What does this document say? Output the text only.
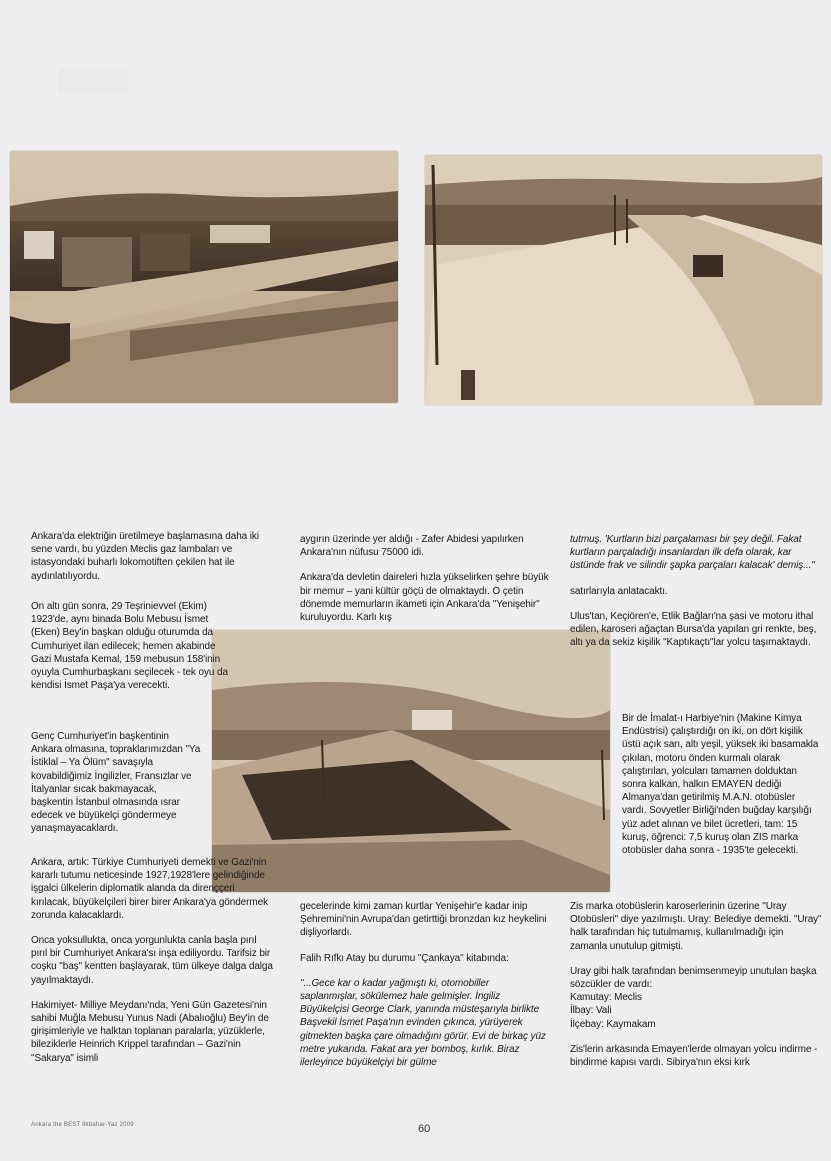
Ankara'da elektriğin üretilmeye başlamasına daha iki sene vardı, bu yüzden Meclis gaz lambaları ve istasyondaki buharlı lokomotiften çekilen hat ile aydınlatılıyordu.

On altı gün sonra, 29 Teşrinievvel (Ekim) 1923'de, aynı binada Bolu Mebusu İsmet (Eken) Bey'in başkan olduğu oturumda da Cumhuriyet ilan edilecek; hemen akabinde Gazi Mustafa Kemal, 159 mebusun 158'inin oyuyla Cumhurbaşkanı seçilecek - tek oyu da kendisi İsmet Paşa'ya verecekti.

Genç Cumhuriyet'in başkentinin Ankara olmasına, topraklarımızdan "Ya İstiklal – Ya Ölüm" savaşıyla kovabildiğimiz İngilizler, Fransızlar ve İtalyanlar sıcak bakmayacak, başkentin İstanbul olmasında ısrar edecek ve büyükelçi göndermeye yanaşmayacaklardı.

Ankara, artık: Türkiye Cumhuriyeti demekti ve Gazi'nin kararlı tutumu neticesinde 1927,1928'lere gelindiğinde işgalci ülkelerin diplomatik alanda da direnççeri kırılacak, büyükelçileri birer birer Ankara'ya göndermek zorunda kalacaklardı.

Onca yoksullukta, onca yorgunlukta canla başla pırıl pırıl bir Cumhuriyet Ankara'sı inşa ediliyordu. Tarifsiz bir coşku "baş" kentten başlayarak, tüm ülkeye dalga dalga yayılmaktaydı.

Hakimiyet- Milliye Meydanı'nda, Yeni Gün Gazetesi'nin sahibi Muğla Mebusu Yunus Nadi (Abalıoğlu) Bey'in de girişimleriyle ve halktan toplanan paralarla, yüzüklerle, bileziklerle Heinrich Krippel tarafından – Gazi'nin "Sakarya" isimli

aygırın üzerinde yer aldığı - Zafer Abidesi yapılırken Ankara'nın nüfusu 75000 idi.

Ankara'da devletin daireleri hızla yükselirken şehre büyük bir memur – yani kültür göçü de olmaktaydı. O çetin dönemde memurların ikameti için Ankara'da "Yenişehir" kuruluyordu. Karlı kış

gecelerinde kimi zaman kurtlar Yenişehir'e kadar inip Şehremini'nin Avrupa'dan getirttiği bronzdan kız heykelini dişliyorlardı.

Falih Rıfkı Atay bu durumu "Çankaya" kitabında:

"...Gece kar o kadar yağmıştı ki, otomobiller saplanmışlar, sökülemez hale gelmişler. İngiliz Büyükelçisi George Clark, yanında müsteşarıyla birlikte Başvekil İsmet Paşa'nın evinden çıkınca, yürüyerek gitmekten başka çare olmadığını görür. Evi de birkaç yüz metre yukarıda. Fakat ara yer bomboş, kırlık. Biraz ilerleyince büyükelçiyi bir gülme

tutmuş. 'Kurtların bizi parçalaması bir şey değil. Fakat kurtların parçaladığı insanlardan ilk defa olarak, kar üstünde frak ve silindir şapka parçaları kalacak' demiş..."

satırlarıyla anlatacaktı.

Ulus'tan, Keçiören'e, Etlik Bağları'na şasi ve motoru ithal edilen, karoseri ağaçtan Bursa'da yapılan gri renkte, beş, altı ya da sekiz kişilik "Kaptıkaçtı"lar yolcu taşımaktaydı.

Bir de İmalat-ı Harbiye'nin (Makine Kimya Endüstrisi) çalıştırdığı on iki, on dört kişilik üstü açık sarı, altı yeşil, yüksek iki basamakla çıkılan, motoru önden kurmalı olarak çalıştırılan, yolcuları tamamen dolduktan sonra kalkan, halkın EMAYEN dediği Almanya'dan getirilmiş M.A.N. otobüsler vardı. Sovyetler Birliği'nden buğday karşılığı yüz adet alınan ve bilet ücretleri, tam: 15 kuruş, öğrenci: 7,5 kuruş olan ZIS marka otobüsler daha sonra - 1935'te gelecekti.

Zis marka otobüslerin karoserlerinin üzerine "Uray Otobüsleri" diye yazılmıştı. Uray: Belediye demekti. "Uray" halk tarafından hiç tutulmamış, kullanılmadığı için zamanla unutulup gitmişti.

Uray gibi halk tarafından benimsenmeyip unutulan başka sözcükler de vardı:
Kamutay: Meclis
İlbay: Vali
İlçebay: Kaymakam

Zis'lerin arkasında Emayen'lerde olmayan yolcu indirme - bindirme kapısı vardı. Sibirya'nın eksi kırk

Ankara the BEST İlkbahar-Yaz 2009	60
